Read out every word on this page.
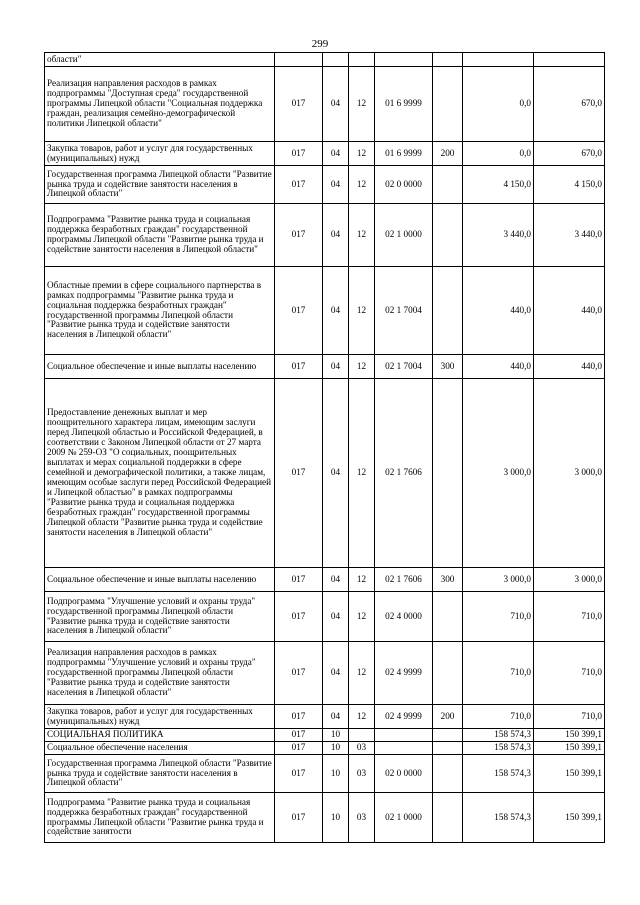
299
области"							
Реализация направления расходов в рамках подпрограммы "Доступная среда" государственной программы Липецкой области "Социальная поддержка граждан, реализация семейно-демографической политики Липецкой области"	017	04	12	01 6 9999		0,0	670,0
Закупка товаров, работ и услуг для государственных (муниципальных) нужд	017	04	12	01 6 9999	200	0,0	670,0
Государственная программа Липецкой области "Развитие рынка труда и содействие занятости населения в Липецкой области"	017	04	12	02 0 0000		4 150,0	4 150,0
Подпрограмма "Развитие рынка труда и социальная поддержка безработных граждан" государственной программы Липецкой области "Развитие рынка труда и содействие занятости населения в Липецкой области"	017	04	12	02 1 0000		3 440,0	3 440,0
Областные премии в сфере социального партнерства в рамках подпрограммы "Развитие рынка труда и социальная поддержка безработных граждан" государственной программы Липецкой области "Развитие рынка труда и содействие занятости населения в Липецкой области"	017	04	12	02 1 7004		440,0	440,0
Социальное обеспечение и иные выплаты населению	017	04	12	02 1 7004	300	440,0	440,0
Предоставление денежных выплат и мер поощрительного характера лицам, имеющим заслуги перед Липецкой областью и Российской Федерацией, в соответствии с Законом Липецкой области от 27 марта 2009 № 259-ОЗ "О социальных, поощрительных выплатах и мерах социальной поддержки в сфере семейной и демографической политики, а также лицам, имеющим особые заслуги перед Российской Федерацией и Липецкой областью" в рамках подпрограммы "Развитие рынка труда и социальная поддержка безработных граждан" государственной программы Липецкой области "Развитие рынка труда и содействие занятости населения в Липецкой области"	017	04	12	02 1 7606		3 000,0	3 000,0
Социальное обеспечение и иные выплаты населению	017	04	12	02 1 7606	300	3 000,0	3 000,0
Подпрограмма "Улучшение условий и охраны труда" государственной программы Липецкой области "Развитие рынка труда и содействие занятости населения в Липецкой области"	017	04	12	02 4 0000		710,0	710,0
Реализация направления расходов в рамках подпрограммы "Улучшение условий и охраны труда" государственной программы Липецкой области "Развитие рынка труда и содействие занятости населения в Липецкой области"	017	04	12	02 4 9999		710,0	710,0
Закупка товаров, работ и услуг для государственных (муниципальных) нужд	017	04	12	02 4 9999	200	710,0	710,0
СОЦИАЛЬНАЯ ПОЛИТИКА	017	10				158 574,3	150 399,1
Социальное обеспечение населения	017	10	03			158 574,3	150 399,1
Государственная программа Липецкой области "Развитие рынка труда и содействие занятости населения в Липецкой области"	017	10	03	02 0 0000		158 574,3	150 399,1
Подпрограмма "Развитие рынка труда и социальная поддержка безработных граждан" государственной программы Липецкой области "Развитие рынка труда и содействие занятости	017	10	03	02 1 0000		158 574,3	150 399,1
